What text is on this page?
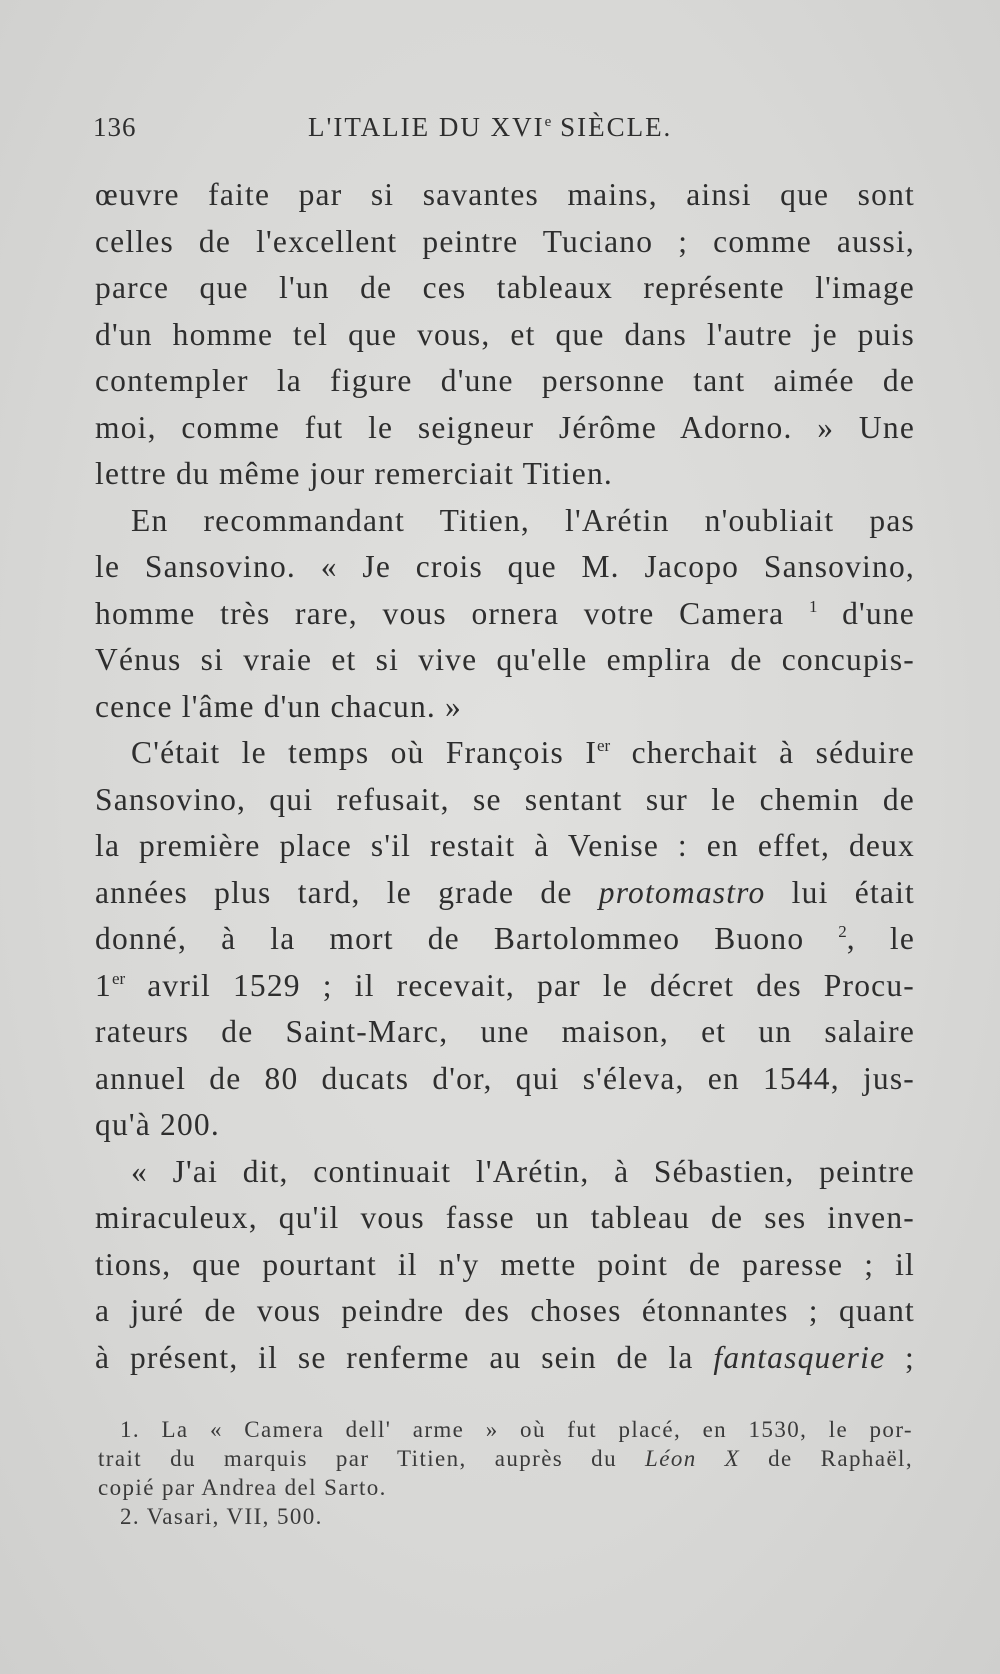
136	L'ITALIE DU XVIe SIÈCLE.
œuvre faite par si savantes mains, ainsi que sont
celles de l'excellent peintre Tuciano ; comme aussi,
parce que l'un de ces tableaux représente l'image
d'un homme tel que vous, et que dans l'autre je puis
contempler la figure d'une personne tant aimée de
moi, comme fut le seigneur Jérôme Adorno. » Une
lettre du même jour remerciait Titien.
En recommandant Titien, l'Arétin n'oubliait pas
le Sansovino. « Je crois que M. Jacopo Sansovino,
homme très rare, vous ornera votre Camera $^1$ d'une
Vénus si vraie et si vive qu'elle emplira de concupis-
cence l'âme d'un chacun. »
C'était le temps où François Ier cherchait à séduire
Sansovino, qui refusait, se sentant sur le chemin de
la première place s'il restait à Venise : en effet, deux
années plus tard, le grade de protomastro lui était
donné, à la mort de Bartolommeo Buono $^2$, le
1er avril 1529 ; il recevait, par le décret des Procu-
rateurs de Saint-Marc, une maison, et un salaire
annuel de 80 ducats d'or, qui s'éleva, en 1544, jus-
qu'à 200.
« J'ai dit, continuait l'Arétin, à Sébastien, peintre
miraculeux, qu'il vous fasse un tableau de ses inven-
tions, que pourtant il n'y mette point de paresse ; il
a juré de vous peindre des choses étonnantes ; quant
à présent, il se renferme au sein de la fantasquerie ;
1. La « Camera dell' arme » où fut placé, en 1530, le por-
trait du marquis par Titien, auprès du Léon X de Raphaël,
copié par Andrea del Sarto.
2. Vasari, VII, 500.
